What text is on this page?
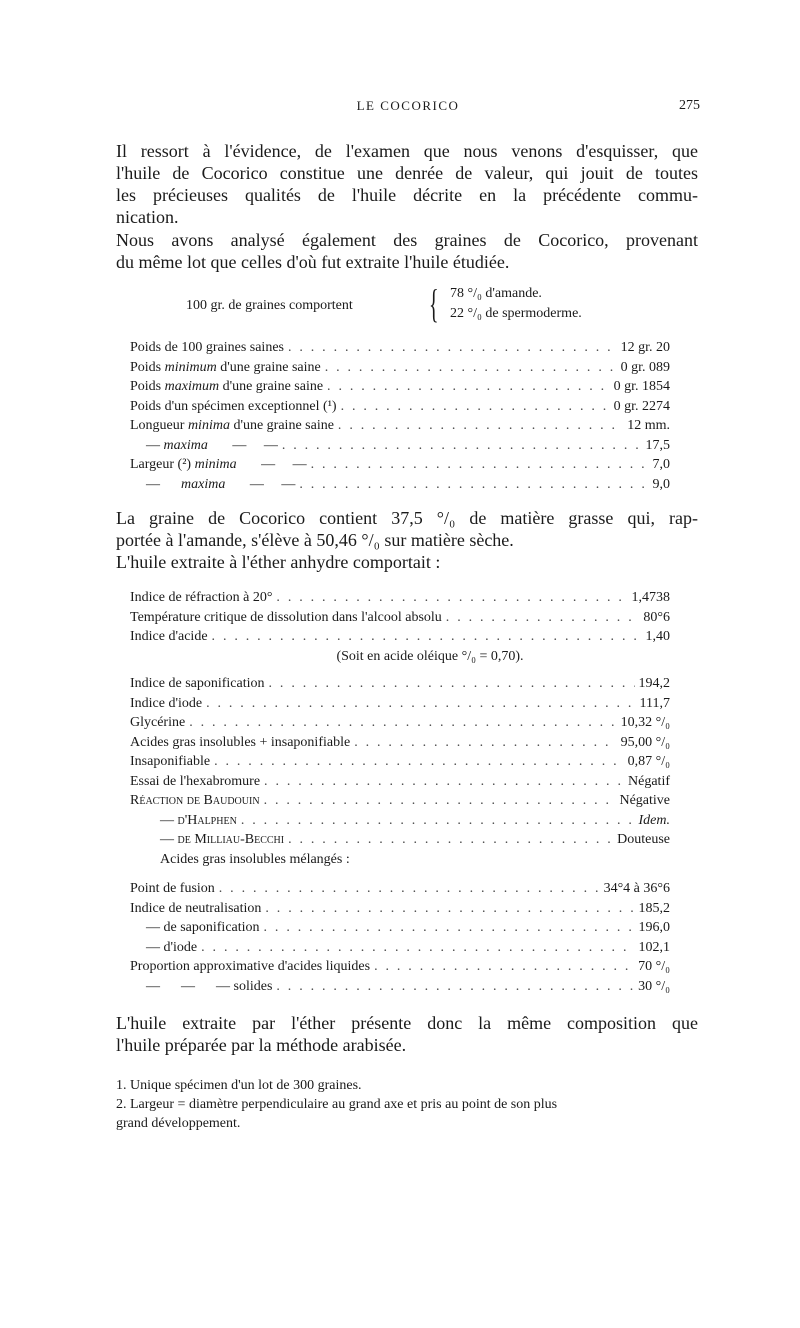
LE COCORICO	275

Il ressort à l'évidence, de l'examen que nous venons d'esquisser, que
l'huile de Cocorico constitue une denrée de valeur, qui jouit de toutes
les précieuses qualités de l'huile décrite en la précédente commu-
nication.

Nous avons analysé également des graines de Cocorico, provenant
du même lot que celles d'où fut extraite l'huile étudiée.

100 gr. de graines comportent { 78 °/₀ d'amande.
22 °/₀ de spermoderme.
Poids de 100 graines saines . . .	12 gr. 20
Poids minimum d'une graine saine . . .	0 gr. 089
Poids maximum d'une graine saine . . .	0 gr. 1854
Poids d'un spécimen exceptionnel (¹) . . .	0 gr. 2274
Longueur minima d'une graine saine . . .	12 mm.
— maxima       —     — . . .	17,5
Largeur (²) minima       —     — . . .	7,0
—      maxima       —     — . . .	9,0

La graine de Cocorico contient 37,5 °/₀ de matière grasse qui, rap-
portée à l'amande, s'élève à 50,46 °/₀ sur matière sèche.
L'huile extraite à l'éther anhydre comportait :

Indice de réfraction à 20° . . .	1,4738
Température critique de dissolution dans l'alcool absolu . . .	80°6
Indice d'acide . . .	1,40
(Soit en acide oléique °/₀ = 0,70).
Indice de saponification . . .	194,2
Indice d'iode . . .	111,7
Glycérine . . .	10,32 °/₀
Acides gras insolubles + insaponifiable . . .	95,00 °/₀
Insaponifiable . . .	0,87 °/₀
Essai de l'hexabromure . . .	Négatif
Réaction de Baudouin . . .	Négative
— d'Halphen . . .	Idem.
— de Milliau-Becchi . . .	Douteuse
Acides gras insolubles mélangés :
Point de fusion . . .	34°4 à 36°6
Indice de neutralisation . . .	185,2
— de saponification . . .	196,0
— d'iode . . .	102,1
Proportion approximative d'acides liquides . . .	70 °/₀
—      —      — solides . . .	30 °/₀

L'huile extraite par l'éther présente donc la même composition que
l'huile préparée par la méthode arabisée.

1. Unique spécimen d'un lot de 300 graines.
2. Largeur = diamètre perpendiculaire au grand axe et pris au point de son plus
grand développement.
